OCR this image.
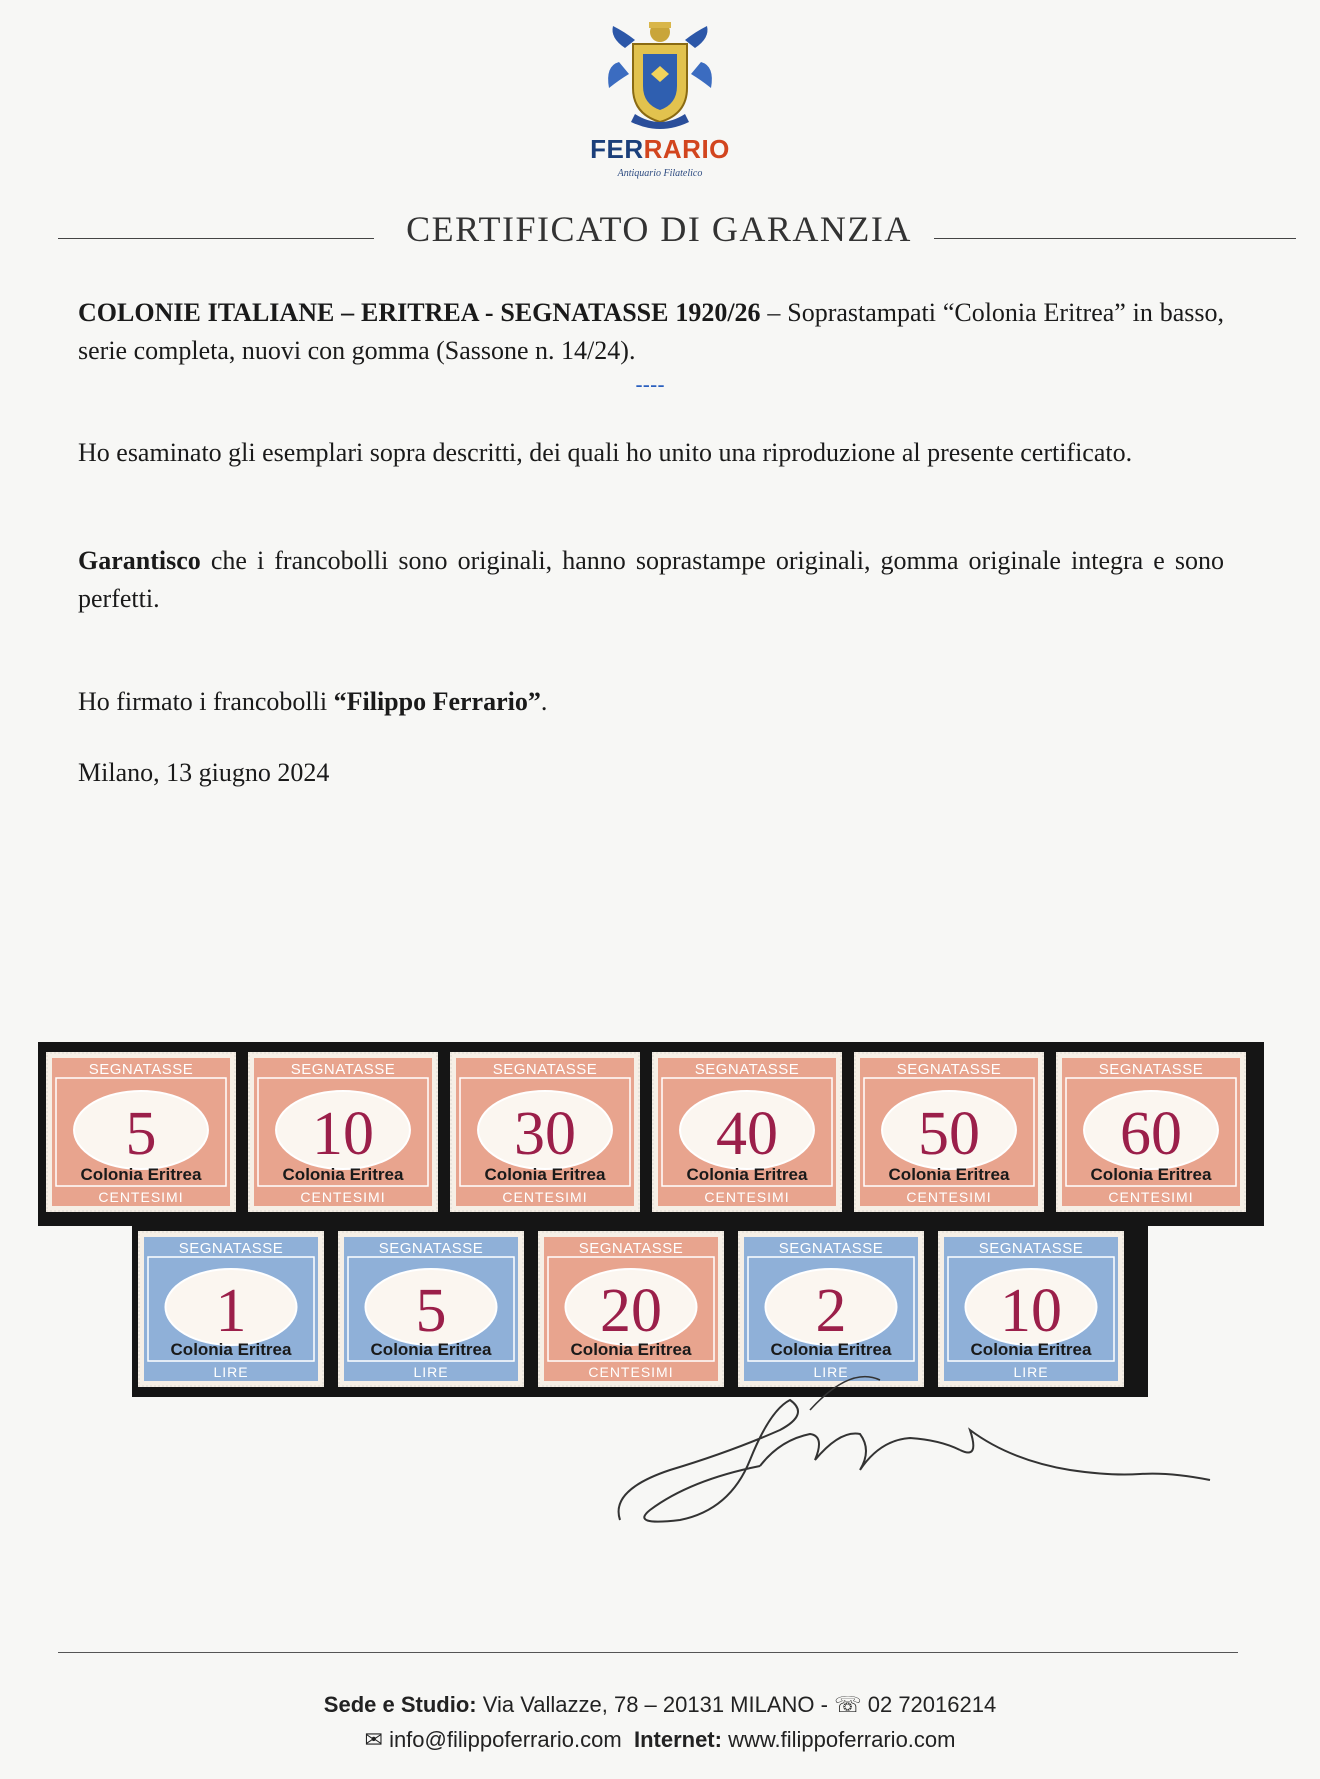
FERRARIO
Antiquario Filatelico
CERTIFICATO DI GARANZIA
COLONIE ITALIANE – ERITREA - SEGNATASSE 1920/26 – Soprastampati “Colonia Eritrea” in basso, serie completa, nuovi con gomma (Sassone n. 14/24).
----
Ho esaminato gli esemplari sopra descritti, dei quali ho unito una riproduzione al presente certificato.
Garantisco che i francobolli sono originali, hanno soprastampe originali, gomma originale integra e sono perfetti.
Ho firmato i francobolli “Filippo Ferrario”.
Milano, 13 giugno 2024
SEGNATASSE
5
CENTESIMI
Colonia Eritrea
SEGNATASSE
10
CENTESIMI
Colonia Eritrea
SEGNATASSE
30
CENTESIMI
Colonia Eritrea
SEGNATASSE
40
CENTESIMI
Colonia Eritrea
SEGNATASSE
50
CENTESIMI
Colonia Eritrea
SEGNATASSE
60
CENTESIMI
Colonia Eritrea
SEGNATASSE
1
LIRE
Colonia Eritrea
SEGNATASSE
5
LIRE
Colonia Eritrea
SEGNATASSE
20
CENTESIMI
Colonia Eritrea
SEGNATASSE
2
LIRE
Colonia Eritrea
SEGNATASSE
10
LIRE
Colonia Eritrea
Sede e Studio: Via Vallazze, 78 – 20131 MILANO - ☏ 02 72016214
✉ info@filippoferrario.com Internet: www.filippoferrario.com
